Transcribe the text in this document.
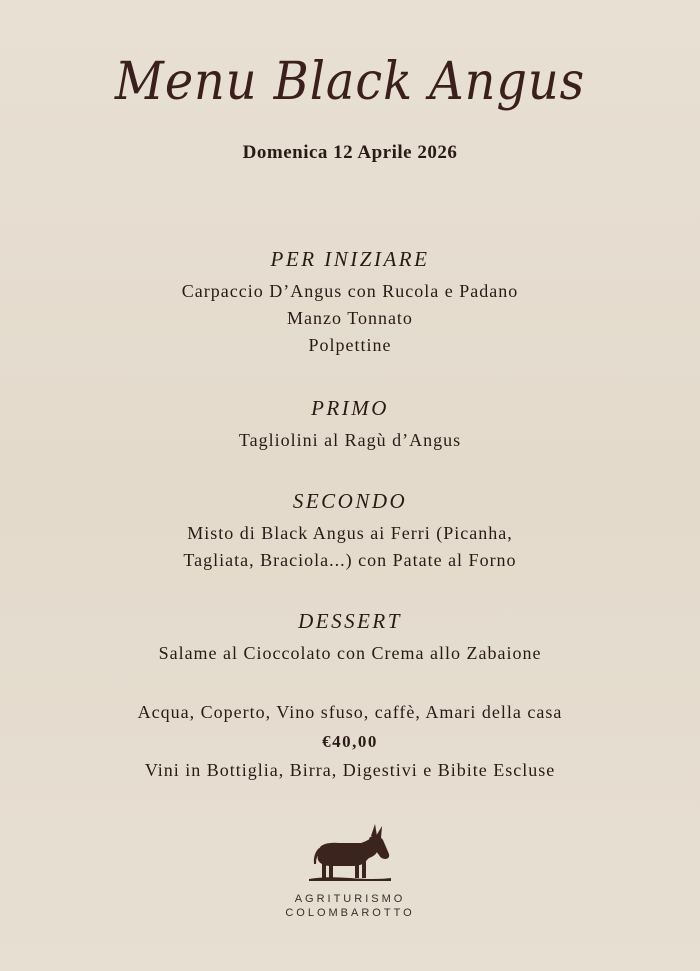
Menu Black Angus
Domenica 12 Aprile 2026
PER INIZIARE
Carpaccio D’Angus con Rucola e Padano
Manzo Tonnato
Polpettine
PRIMO
Tagliolini al Ragù d’Angus
SECONDO
Misto di Black Angus ai Ferri (Picanha,
Tagliata, Braciola...) con Patate al Forno
DESSERT
Salame al Cioccolato con Crema allo Zabaione
Acqua, Coperto, Vino sfuso, caffè, Amari della casa
€40,00
Vini in Bottiglia, Birra, Digestivi e Bibite Escluse
AGRITURISMO
COLOMBAROTTO
